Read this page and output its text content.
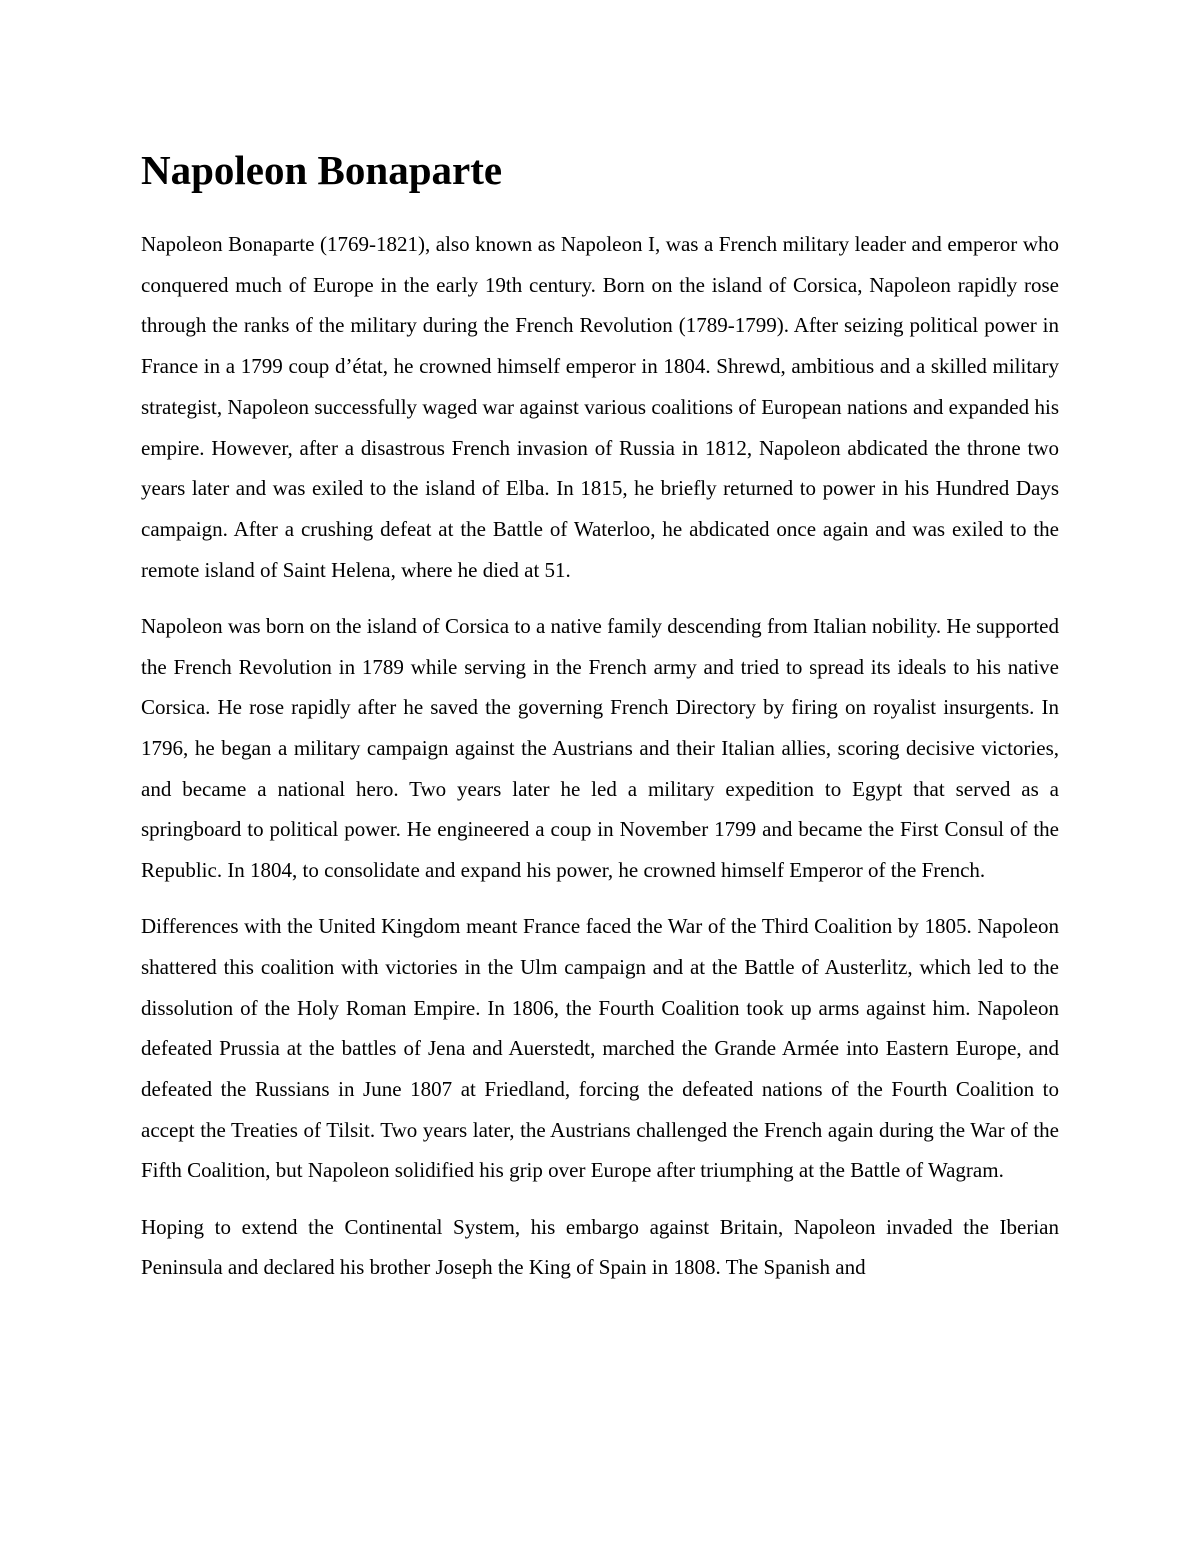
Napoleon Bonaparte

Napoleon Bonaparte (1769-1821), also known as Napoleon I, was a French military leader and emperor who conquered much of Europe in the early 19th century. Born on the island of Corsica, Napoleon rapidly rose through the ranks of the military during the French Revolution (1789-1799). After seizing political power in France in a 1799 coup d’état, he crowned himself emperor in 1804. Shrewd, ambitious and a skilled military strategist, Napoleon successfully waged war against various coalitions of European nations and expanded his empire. However, after a disastrous French invasion of Russia in 1812, Napoleon abdicated the throne two years later and was exiled to the island of Elba. In 1815, he briefly returned to power in his Hundred Days campaign. After a crushing defeat at the Battle of Waterloo, he abdicated once again and was exiled to the remote island of Saint Helena, where he died at 51.

Napoleon was born on the island of Corsica to a native family descending from Italian nobility. He supported the French Revolution in 1789 while serving in the French army and tried to spread its ideals to his native Corsica. He rose rapidly after he saved the governing French Directory by firing on royalist insurgents. In 1796, he began a military campaign against the Austrians and their Italian allies, scoring decisive victories, and became a national hero. Two years later he led a military expedition to Egypt that served as a springboard to political power. He engineered a coup in November 1799 and became the First Consul of the Republic. In 1804, to consolidate and expand his power, he crowned himself Emperor of the French.

Differences with the United Kingdom meant France faced the War of the Third Coalition by 1805. Napoleon shattered this coalition with victories in the Ulm campaign and at the Battle of Austerlitz, which led to the dissolution of the Holy Roman Empire. In 1806, the Fourth Coalition took up arms against him. Napoleon defeated Prussia at the battles of Jena and Auerstedt, marched the Grande Armée into Eastern Europe, and defeated the Russians in June 1807 at Friedland, forcing the defeated nations of the Fourth Coalition to accept the Treaties of Tilsit. Two years later, the Austrians challenged the French again during the War of the Fifth Coalition, but Napoleon solidified his grip over Europe after triumphing at the Battle of Wagram.

Hoping to extend the Continental System, his embargo against Britain, Napoleon invaded the Iberian Peninsula and declared his brother Joseph the King of Spain in 1808. The Spanish and
